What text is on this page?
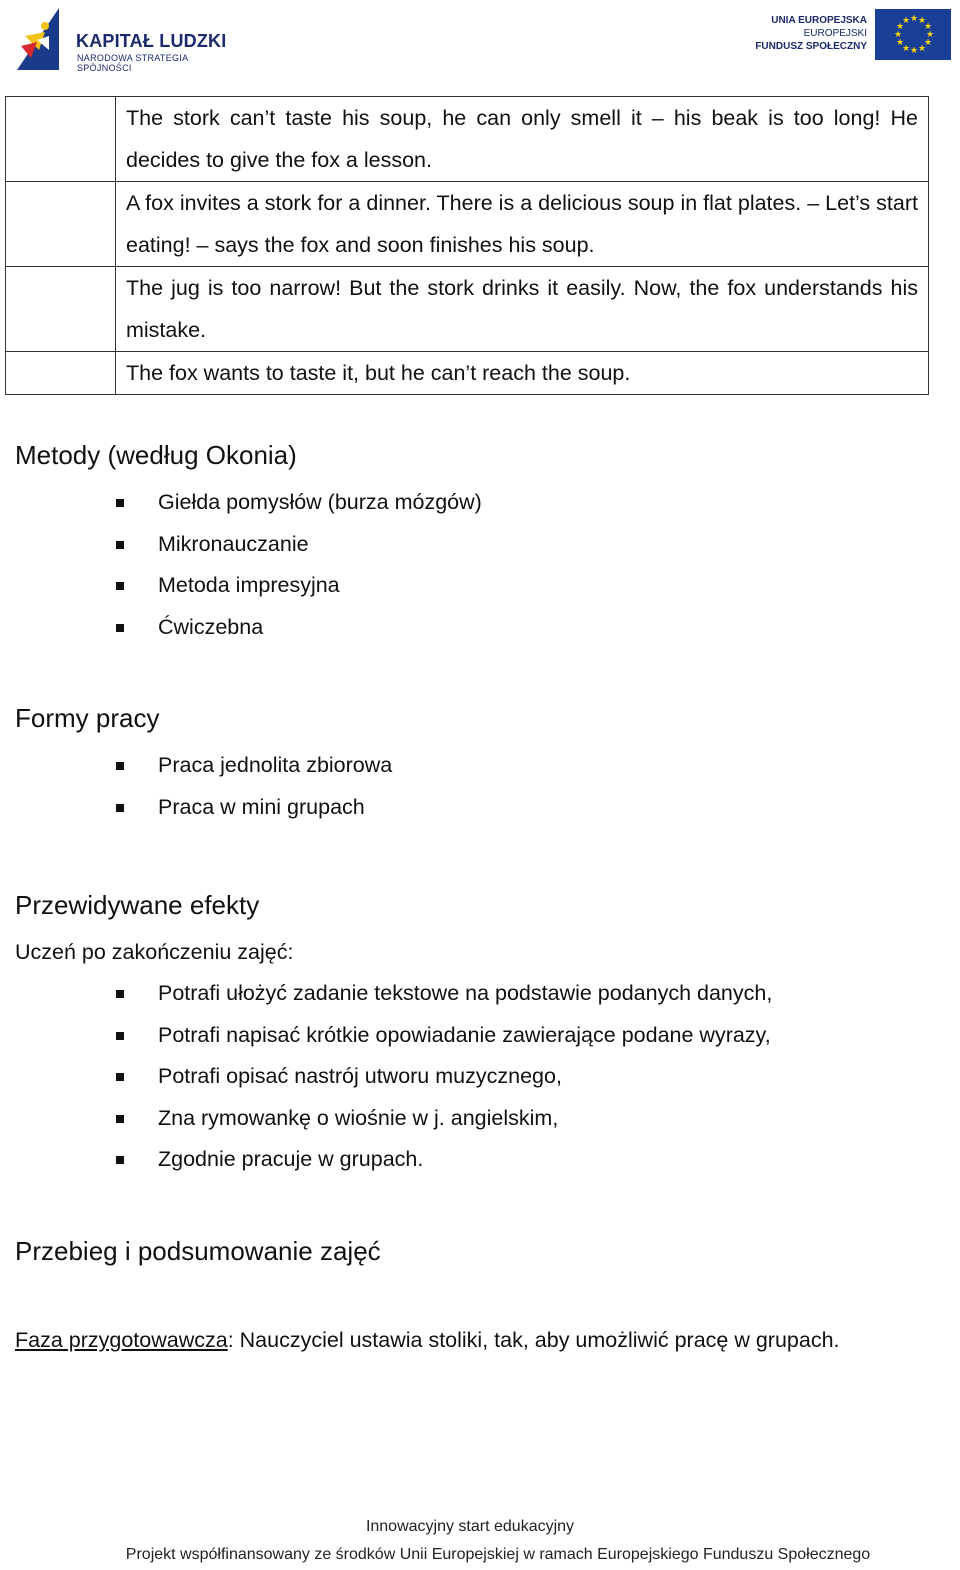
KAPITAŁ LUDZKI
NARODOWA STRATEGIA SPÓJNOŚCI
UNIA EUROPEJSKA
EUROPEJSKI
FUNDUSZ SPOŁECZNY
★ ★
★
★
★
★
★
★
★
★
★
★
	The stork can’t taste his soup, he can only smell it – his beak is too long! He decides to give the fox a lesson.
	A fox invites a stork for a dinner. There is a delicious soup in flat plates. – Let’s start eating! – says the fox and soon finishes his soup.
	The jug is too narrow! But the stork drinks it easily. Now, the fox understands his mistake.
	The fox wants to taste it, but he can’t reach the soup.
Metody (według Okonia)
Giełda pomysłów (burza mózgów)
Mikronauczanie
Metoda impresyjna
Ćwiczebna
Formy pracy
Praca jednolita zbiorowa
Praca w mini grupach
Przewidywane efekty
Uczeń po zakończeniu zajęć:
Potrafi ułożyć zadanie tekstowe na podstawie podanych danych,
Potrafi napisać krótkie opowiadanie zawierające podane wyrazy,
Potrafi opisać nastrój utworu muzycznego,
Zna rymowankę o wiośnie w j. angielskim,
Zgodnie pracuje w grupach.
Przebieg i podsumowanie zajęć
Faza przygotowawcza: Nauczyciel ustawia stoliki, tak, aby umożliwić pracę w grupach.
Innowacyjny start edukacyjny
Projekt współfinansowany ze środków Unii Europejskiej w ramach Europejskiego Funduszu Społecznego
